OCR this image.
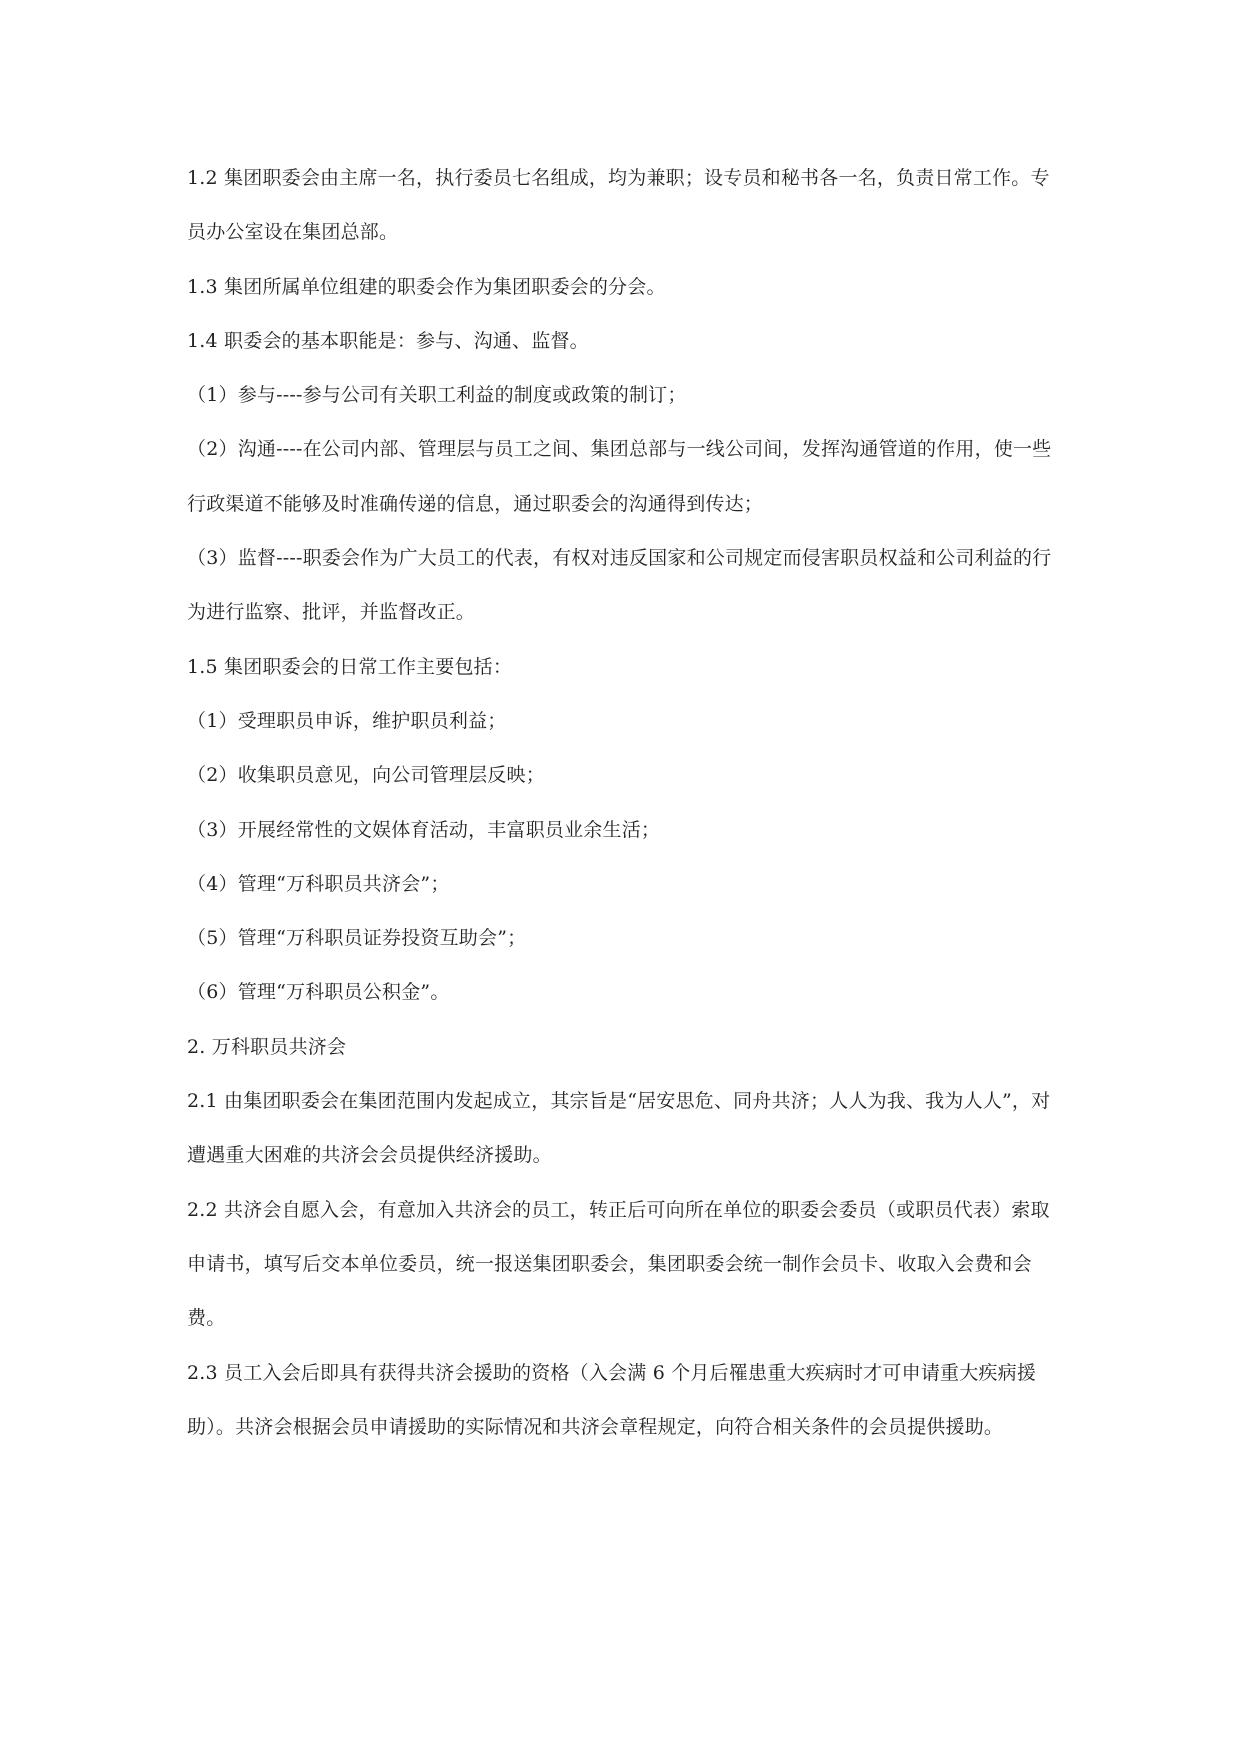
1.2 集团职委会由主席一名，执行委员七名组成，均为兼职；设专员和秘书各一名，负责日常工作。专员办公室设在集团总部。

1.3 集团所属单位组建的职委会作为集团职委会的分会。

1.4 职委会的基本职能是：参与、沟通、监督。

（1）参与----参与公司有关职工利益的制度或政策的制订；

（2）沟通----在公司内部、管理层与员工之间、集团总部与一线公司间，发挥沟通管道的作用，使一些行政渠道不能够及时准确传递的信息，通过职委会的沟通得到传达；

（3）监督----职委会作为广大员工的代表，有权对违反国家和公司规定而侵害职员权益和公司利益的行为进行监察、批评，并监督改正。

1.5 集团职委会的日常工作主要包括：

（1）受理职员申诉，维护职员利益；

（2）收集职员意见，向公司管理层反映；

（3）开展经常性的文娱体育活动，丰富职员业余生活；

（4）管理“万科职员共济会”；

（5）管理“万科职员证券投资互助会”；

（6）管理“万科职员公积金”。

2. 万科职员共济会

2.1 由集团职委会在集团范围内发起成立，其宗旨是“居安思危、同舟共济；人人为我、我为人人”，对遭遇重大困难的共济会会员提供经济援助。

2.2 共济会自愿入会，有意加入共济会的员工，转正后可向所在单位的职委会委员（或职员代表）索取申请书，填写后交本单位委员，统一报送集团职委会，集团职委会统一制作会员卡、收取入会费和会费。

2.3 员工入会后即具有获得共济会援助的资格（入会满 6 个月后罹患重大疾病时才可申请重大疾病援助）。共济会根据会员申请援助的实际情况和共济会章程规定，向符合相关条件的会员提供援助。
